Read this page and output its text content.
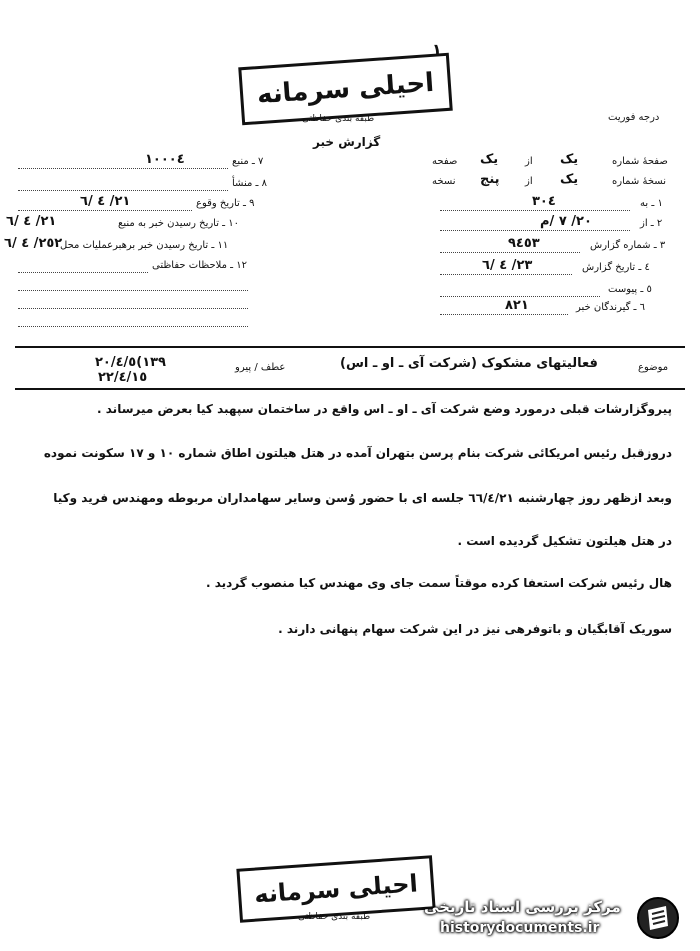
احیلی سرمانه
١
طبقه بندی حفاظتی	درجه فوریت
گزارش خبر
صفحهٔ شماره
یک
از
یک
صفحه
نسخهٔ شماره
یک
از
پنج
نسخه
١ ـ به
٣٠٤
٢ ـ از
٢٠/ ٧ /م
٣ ـ شماره گزارش
٩٤٥٣
٤ ـ تاریخ گزارش
٢٣/ ٤ /٦
٥ ـ پیوست
٦ ـ گیرندگان خبر
٨٢١
٧ ـ منبع
١٠٠٠٤
٨ ـ منشأ
٩ ـ تاریخ وقوع
٢١/ ٤ /٦
١٠ ـ تاریخ رسیدن خبر به منبع
٢١/ ٤ /٦
١١ ـ تاریخ رسیدن خبر برهبرعملیات محل
٢٥٢/ ٤ /٦
١٢ ـ ملاحظات حفاظتی
موضوع
فعالیتهای مشکوک (شرکت آی ـ او ـ اس)
عطف / پیرو
١٣٩)٢٠/٤/٥
٢٢/٤/١٥
پیروگزارشات قبلی درمورد وضع شرکت آی ـ او ـ اس واقع در ساختمان سپهبد کیا بعرض میرساند .
دروزقبل رئیس امریکائی شرکت بنام پرسن بتهران آمده در هتل هیلتون اطاق شماره ١٠ و ١٧ سکونت نموده
وبعد ازظهر روز چهارشنبه ٦٦/٤/٢١ جلسه ای با حضور وُسن وسایر سهامداران مربوطه ومهندس فرید وکیا
در هتل هیلتون تشکیل گردیده است .
هال رئیس شرکت استعفا کرده موقتاً سمت جای وی مهندس کیا منصوب گردید .
سوریک آقابگیان و باتوفرهی نیز در این شرکت سهام پنهانی دارند .
احیلی سرمانه
طبقه بندی حفاظتی
مرکز بررسی اسناد تاریخی
historydocuments.ir
